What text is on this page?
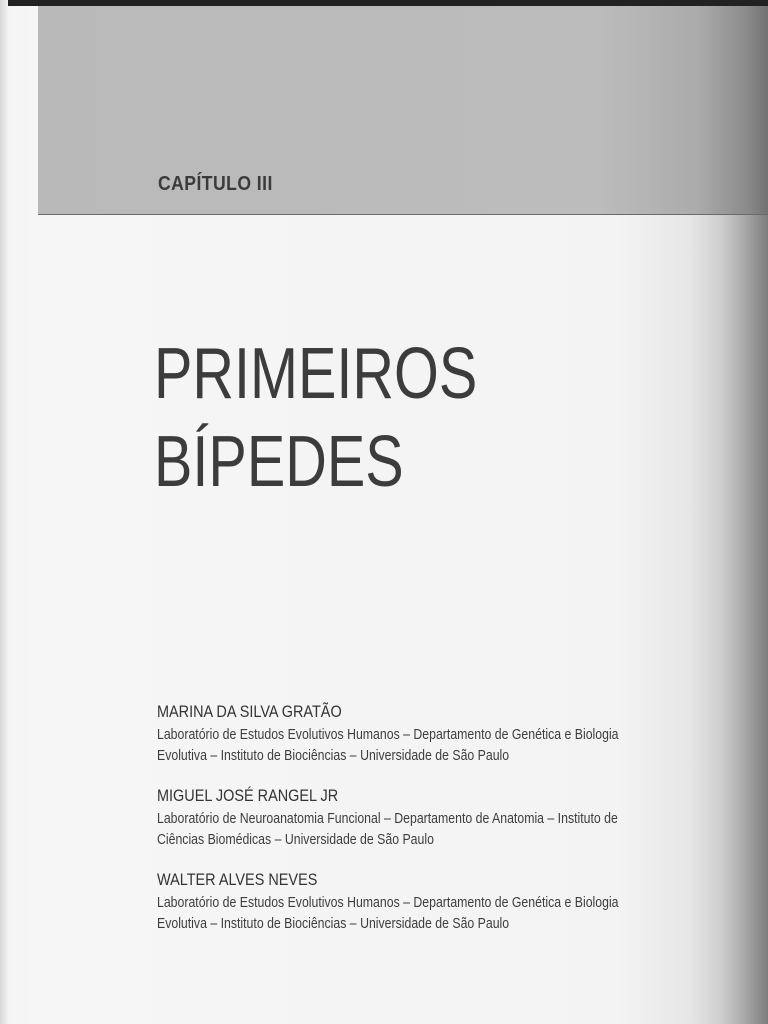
CAPÍTULO III
PRIMEIROS
BÍPEDES
MARINA DA SILVA GRATÃO
Laboratório de Estudos Evolutivos Humanos – Departamento de Genética e Biologia
Evolutiva – Instituto de Biociências – Universidade de São Paulo
MIGUEL JOSÉ RANGEL JR
Laboratório de Neuroanatomia Funcional – Departamento de Anatomia – Instituto de
Ciências Biomédicas – Universidade de São Paulo
WALTER ALVES NEVES
Laboratório de Estudos Evolutivos Humanos – Departamento de Genética e Biologia
Evolutiva – Instituto de Biociências – Universidade de São Paulo
